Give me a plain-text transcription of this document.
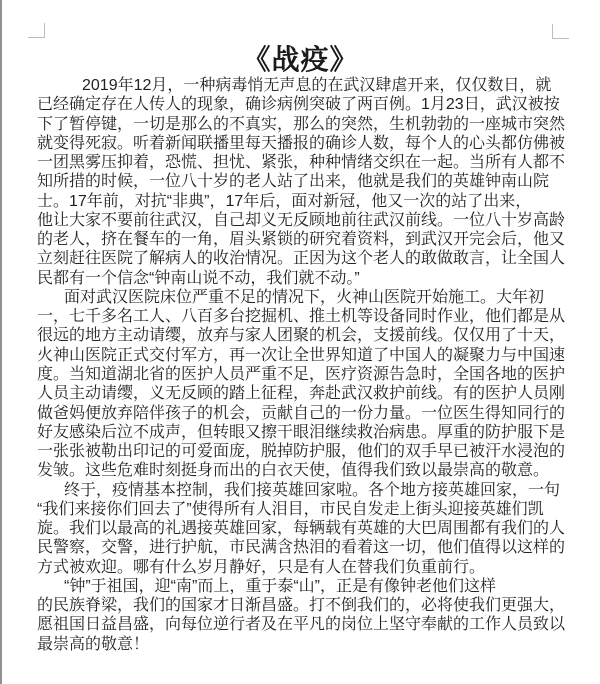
《战疫》
2019年12月，一种病毒悄无声息的在武汉肆虐开来，仅仅数日，就
已经确定存在人传人的现象，确诊病例突破了两百例。1月23日，武汉被按
下了暂停键，一切是那么的不真实，那么的突然，生机勃勃的一座城市突然
就变得死寂。听着新闻联播里每天播报的确诊人数，每个人的心头都仿佛被
一团黑雾压抑着，恐慌、担忧、紧张，种种情绪交织在一起。当所有人都不
知所措的时候，一位八十岁的老人站了出来，他就是我们的英雄钟南山院
士。17年前，对抗“非典”，17年后，面对新冠，他又一次的站了出来，
他让大家不要前往武汉，自己却义无反顾地前往武汉前线。一位八十岁高龄
的老人，挤在餐车的一角，眉头紧锁的研究着资料，到武汉开完会后，他又
立刻赶往医院了解病人的收治情况。正因为这个老人的敢做敢言，让全国人
民都有一个信念“钟南山说不动，我们就不动。”
面对武汉医院床位严重不足的情况下，火神山医院开始施工。大年初
一，七千多名工人、八百多台挖掘机、推土机等设备同时作业，他们都是从
很远的地方主动请缨，放弃与家人团聚的机会，支援前线。仅仅用了十天，
火神山医院正式交付军方，再一次让全世界知道了中国人的凝聚力与中国速
度。当知道湖北省的医护人员严重不足，医疗资源告急时，全国各地的医护
人员主动请缨，义无反顾的踏上征程，奔赴武汉救护前线。有的医护人员刚
做爸妈便放弃陪伴孩子的机会，贡献自己的一份力量。一位医生得知同行的
好友感染后泣不成声，但转眼又擦干眼泪继续救治病患。厚重的防护服下是
一张张被勒出印记的可爱面庞，脱掉防护服，他们的双手早已被汗水浸泡的
发皱。这些危难时刻挺身而出的白衣天使，值得我们致以最崇高的敬意。
终于，疫情基本控制，我们接英雄回家啦。各个地方接英雄回家，一句
“我们来接你们回去了”使得所有人泪目，市民自发走上街头迎接英雄们凯
旋。我们以最高的礼遇接英雄回家，每辆载有英雄的大巴周围都有我们的人
民警察，交警，进行护航，市民满含热泪的看着这一切，他们值得以这样的
方式被欢迎。哪有什么岁月静好，只是有人在替我们负重前行。
“钟”于祖国，迎“南”而上，重于泰“山”，正是有像钟老他们这样
的民族脊梁，我们的国家才日渐昌盛。打不倒我们的，必将使我们更强大，
愿祖国日益昌盛，向每位逆行者及在平凡的岗位上坚守奉献的工作人员致以
最崇高的敬意！
